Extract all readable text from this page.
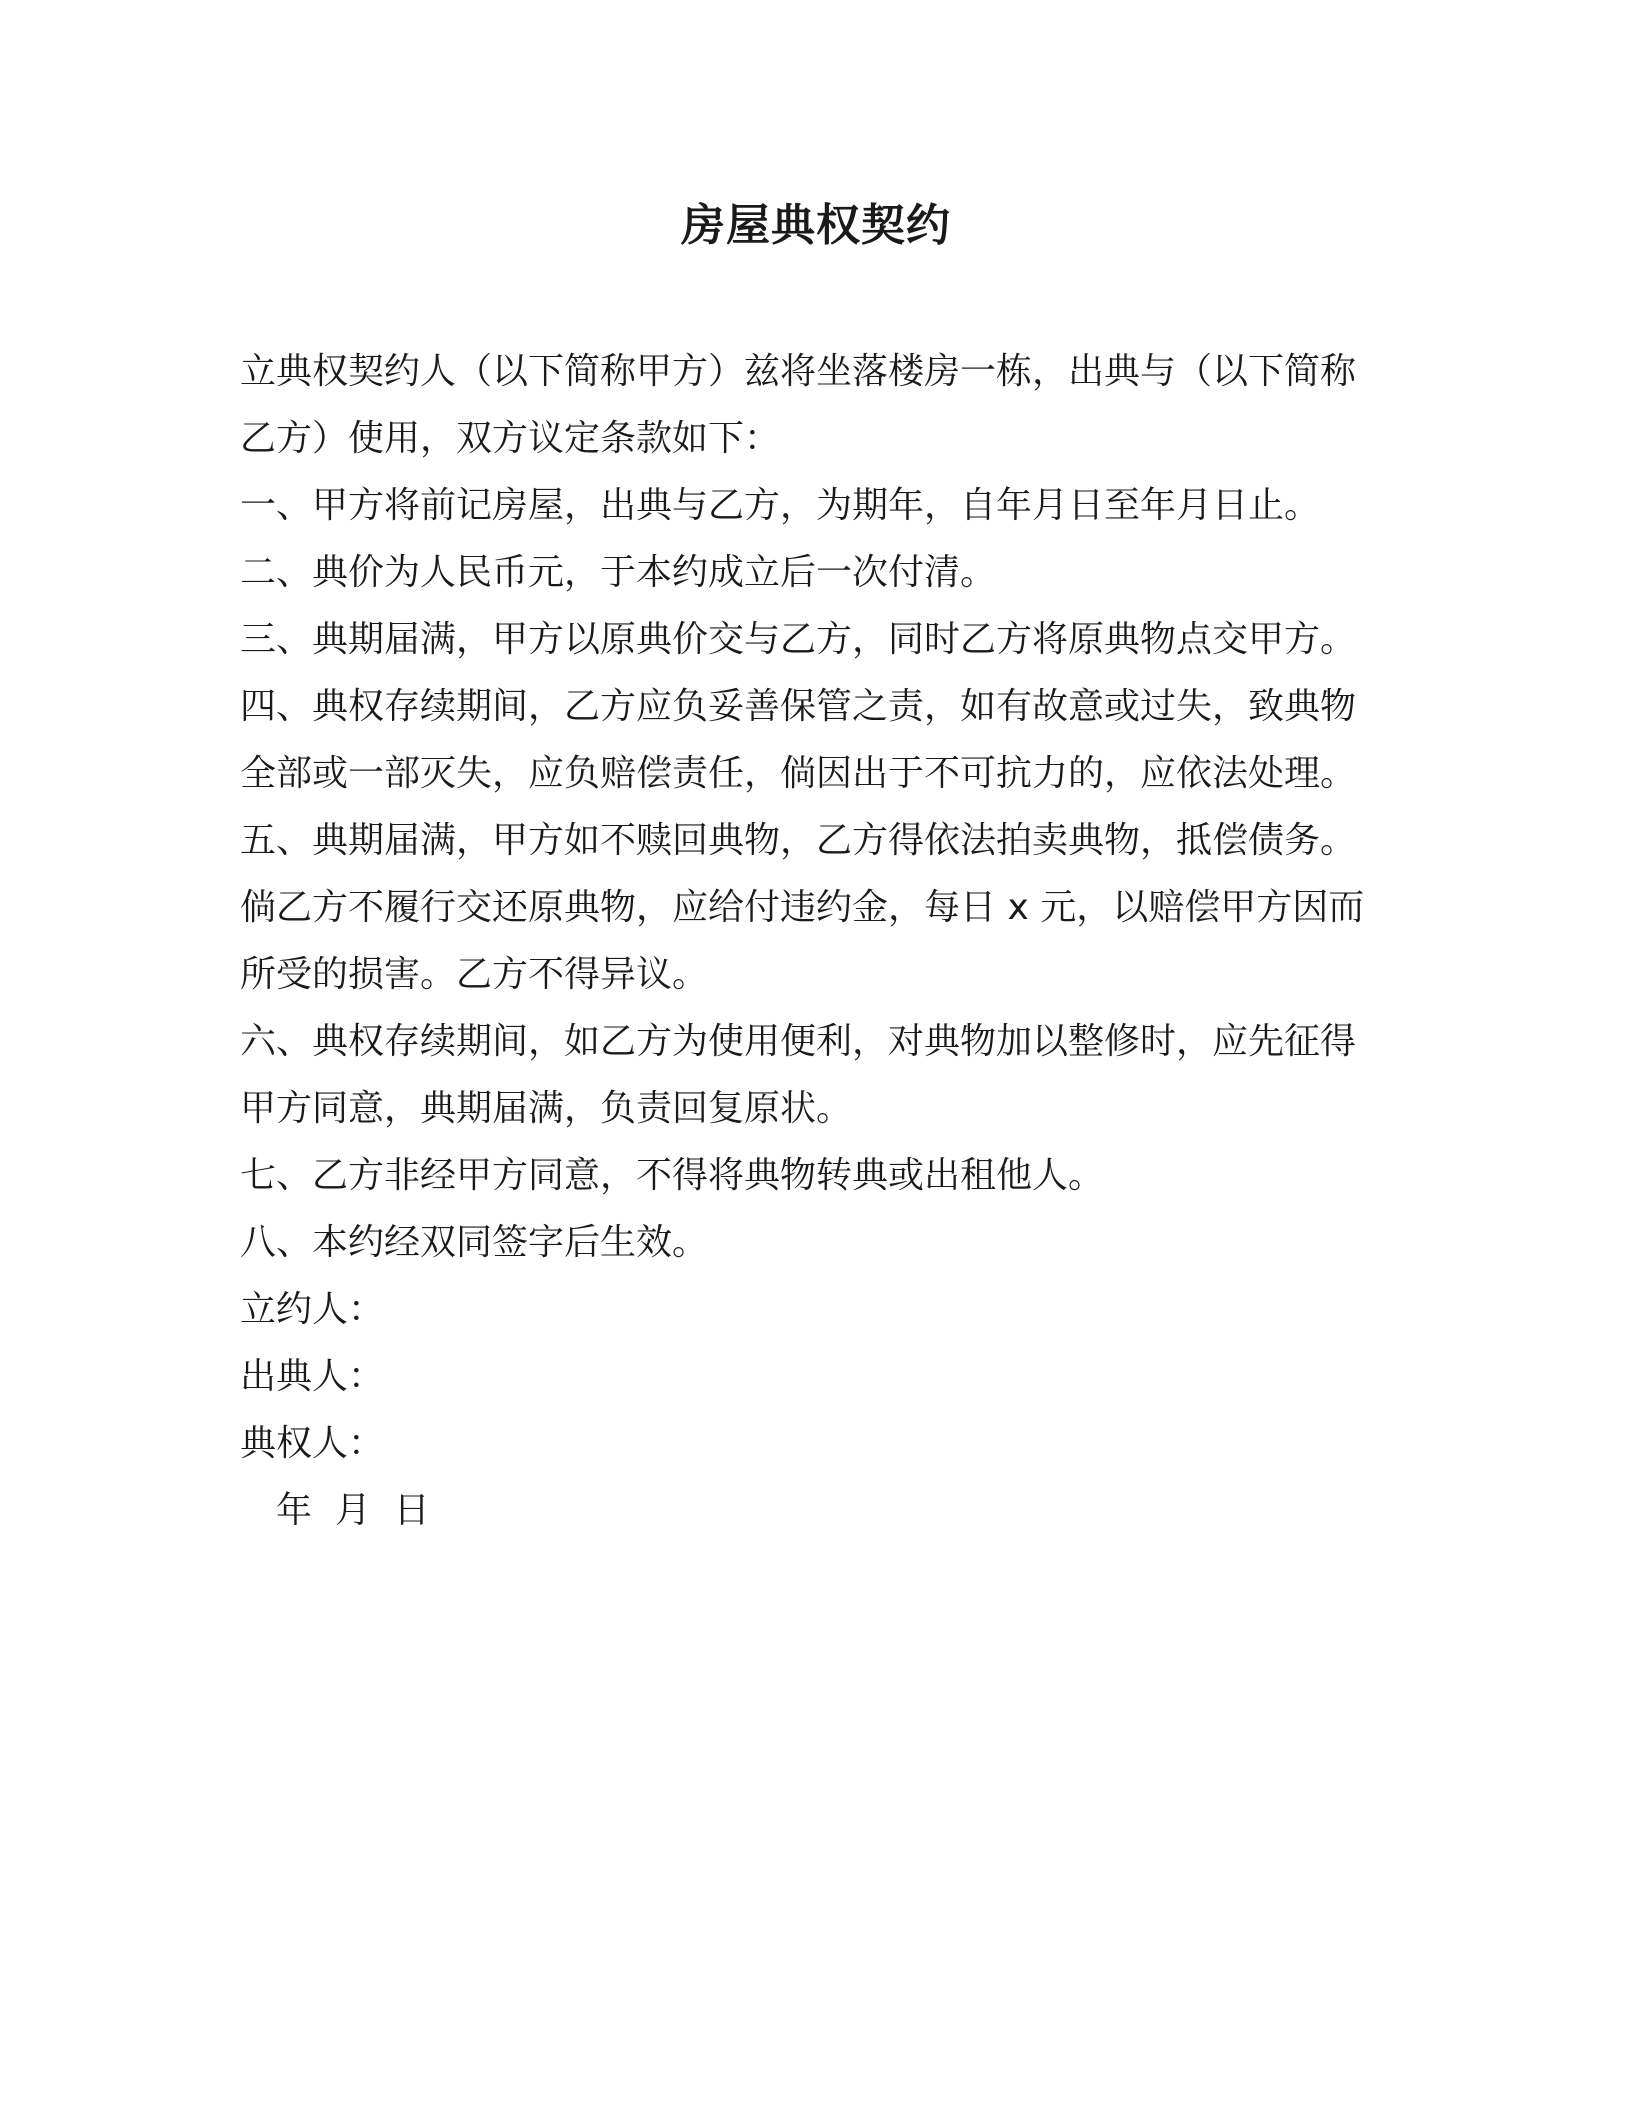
房屋典权契约

立典权契约人（以下简称甲方）兹将坐落楼房一栋，出典与（以下简称
乙方）使用，双方议定条款如下：

一、甲方将前记房屋，出典与乙方，为期年，自年月日至年月日止。

二、典价为人民币元，于本约成立后一次付清。

三、典期届满，甲方以原典价交与乙方，同时乙方将原典物点交甲方。

四、典权存续期间，乙方应负妥善保管之责，如有故意或过失，致典物
全部或一部灭失，应负赔偿责任，倘因出于不可抗力的，应依法处理。

五、典期届满，甲方如不赎回典物，乙方得依法拍卖典物，抵偿债务。
倘乙方不履行交还原典物，应给付违约金，每日 x 元，以赔偿甲方因而
所受的损害。乙方不得异议。

六、典权存续期间，如乙方为使用便利，对典物加以整修时，应先征得
甲方同意，典期届满，负责回复原状。

七、乙方非经甲方同意，不得将典物转典或出租他人。

八、本约经双同签字后生效。

立约人：
出典人：
典权人：
年  月  日
